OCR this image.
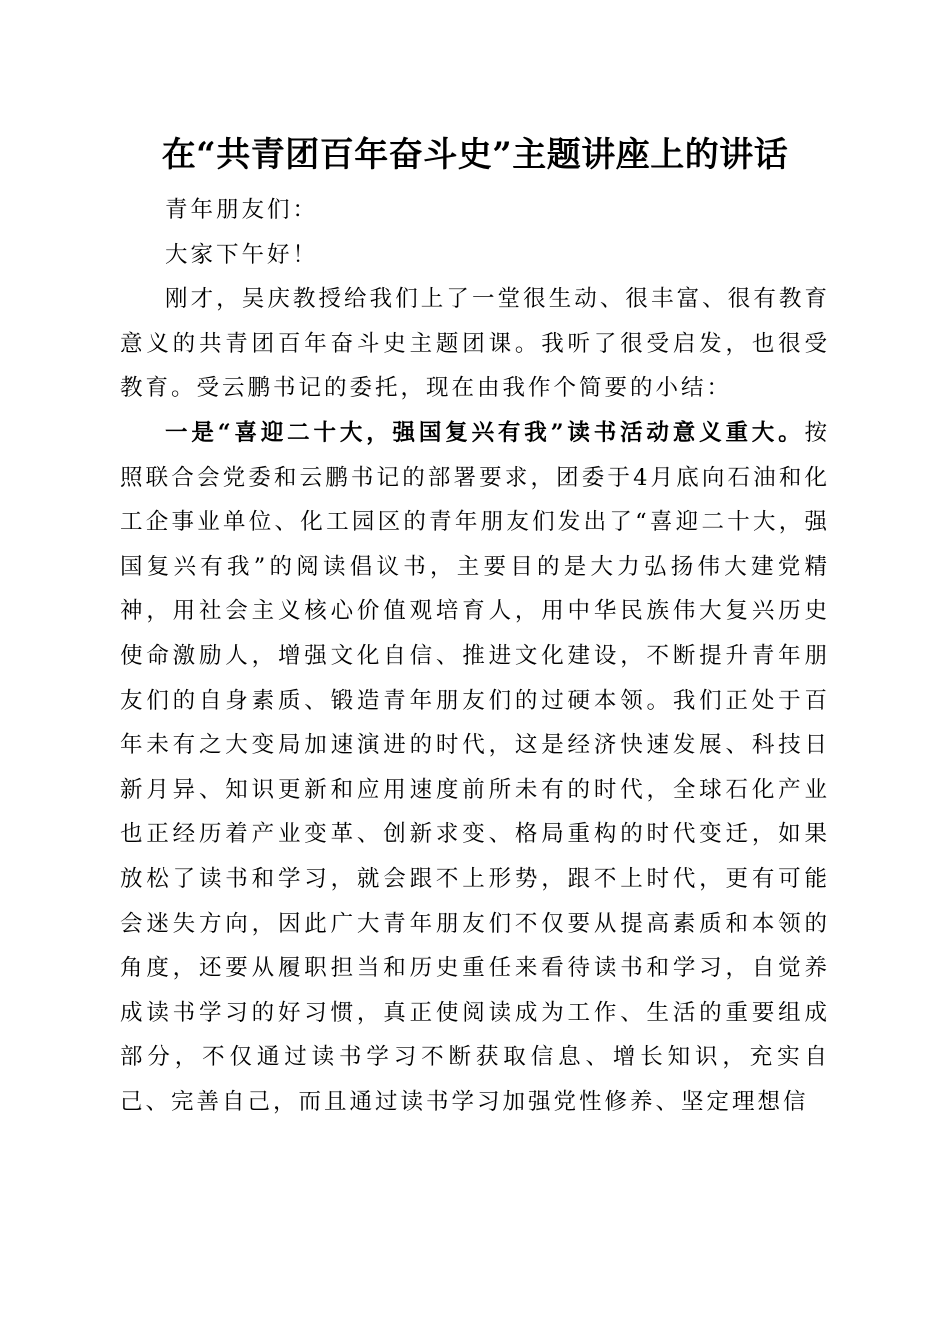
在“共青团百年奋斗史”主题讲座上的讲话

青年朋友们：

大家下午好！

刚才，吴庆教授给我们上了一堂很生动、很丰富、很有教育意义的共青团百年奋斗史主题团课。我听了很受启发，也很受教育。受云鹏书记的委托，现在由我作个简要的小结：

一是“喜迎二十大，强国复兴有我”读书活动意义重大。按照联合会党委和云鹏书记的部署要求，团委于4月底向石油和化工企事业单位、化工园区的青年朋友们发出了“喜迎二十大，强国复兴有我”的阅读倡议书，主要目的是大力弘扬伟大建党精神，用社会主义核心价值观培育人，用中华民族伟大复兴历史使命激励人，增强文化自信、推进文化建设，不断提升青年朋友们的自身素质、锻造青年朋友们的过硬本领。我们正处于百年未有之大变局加速演进的时代，这是经济快速发展、科技日新月异、知识更新和应用速度前所未有的时代，全球石化产业也正经历着产业变革、创新求变、格局重构的时代变迁，如果放松了读书和学习，就会跟不上形势，跟不上时代，更有可能会迷失方向，因此广大青年朋友们不仅要从提高素质和本领的角度，还要从履职担当和历史重任来看待读书和学习，自觉养成读书学习的好习惯，真正使阅读成为工作、生活的重要组成部分，不仅通过读书学习不断获取信息、增长知识，充实自己、完善自己，而且通过读书学习加强党性修养、坚定理想信
